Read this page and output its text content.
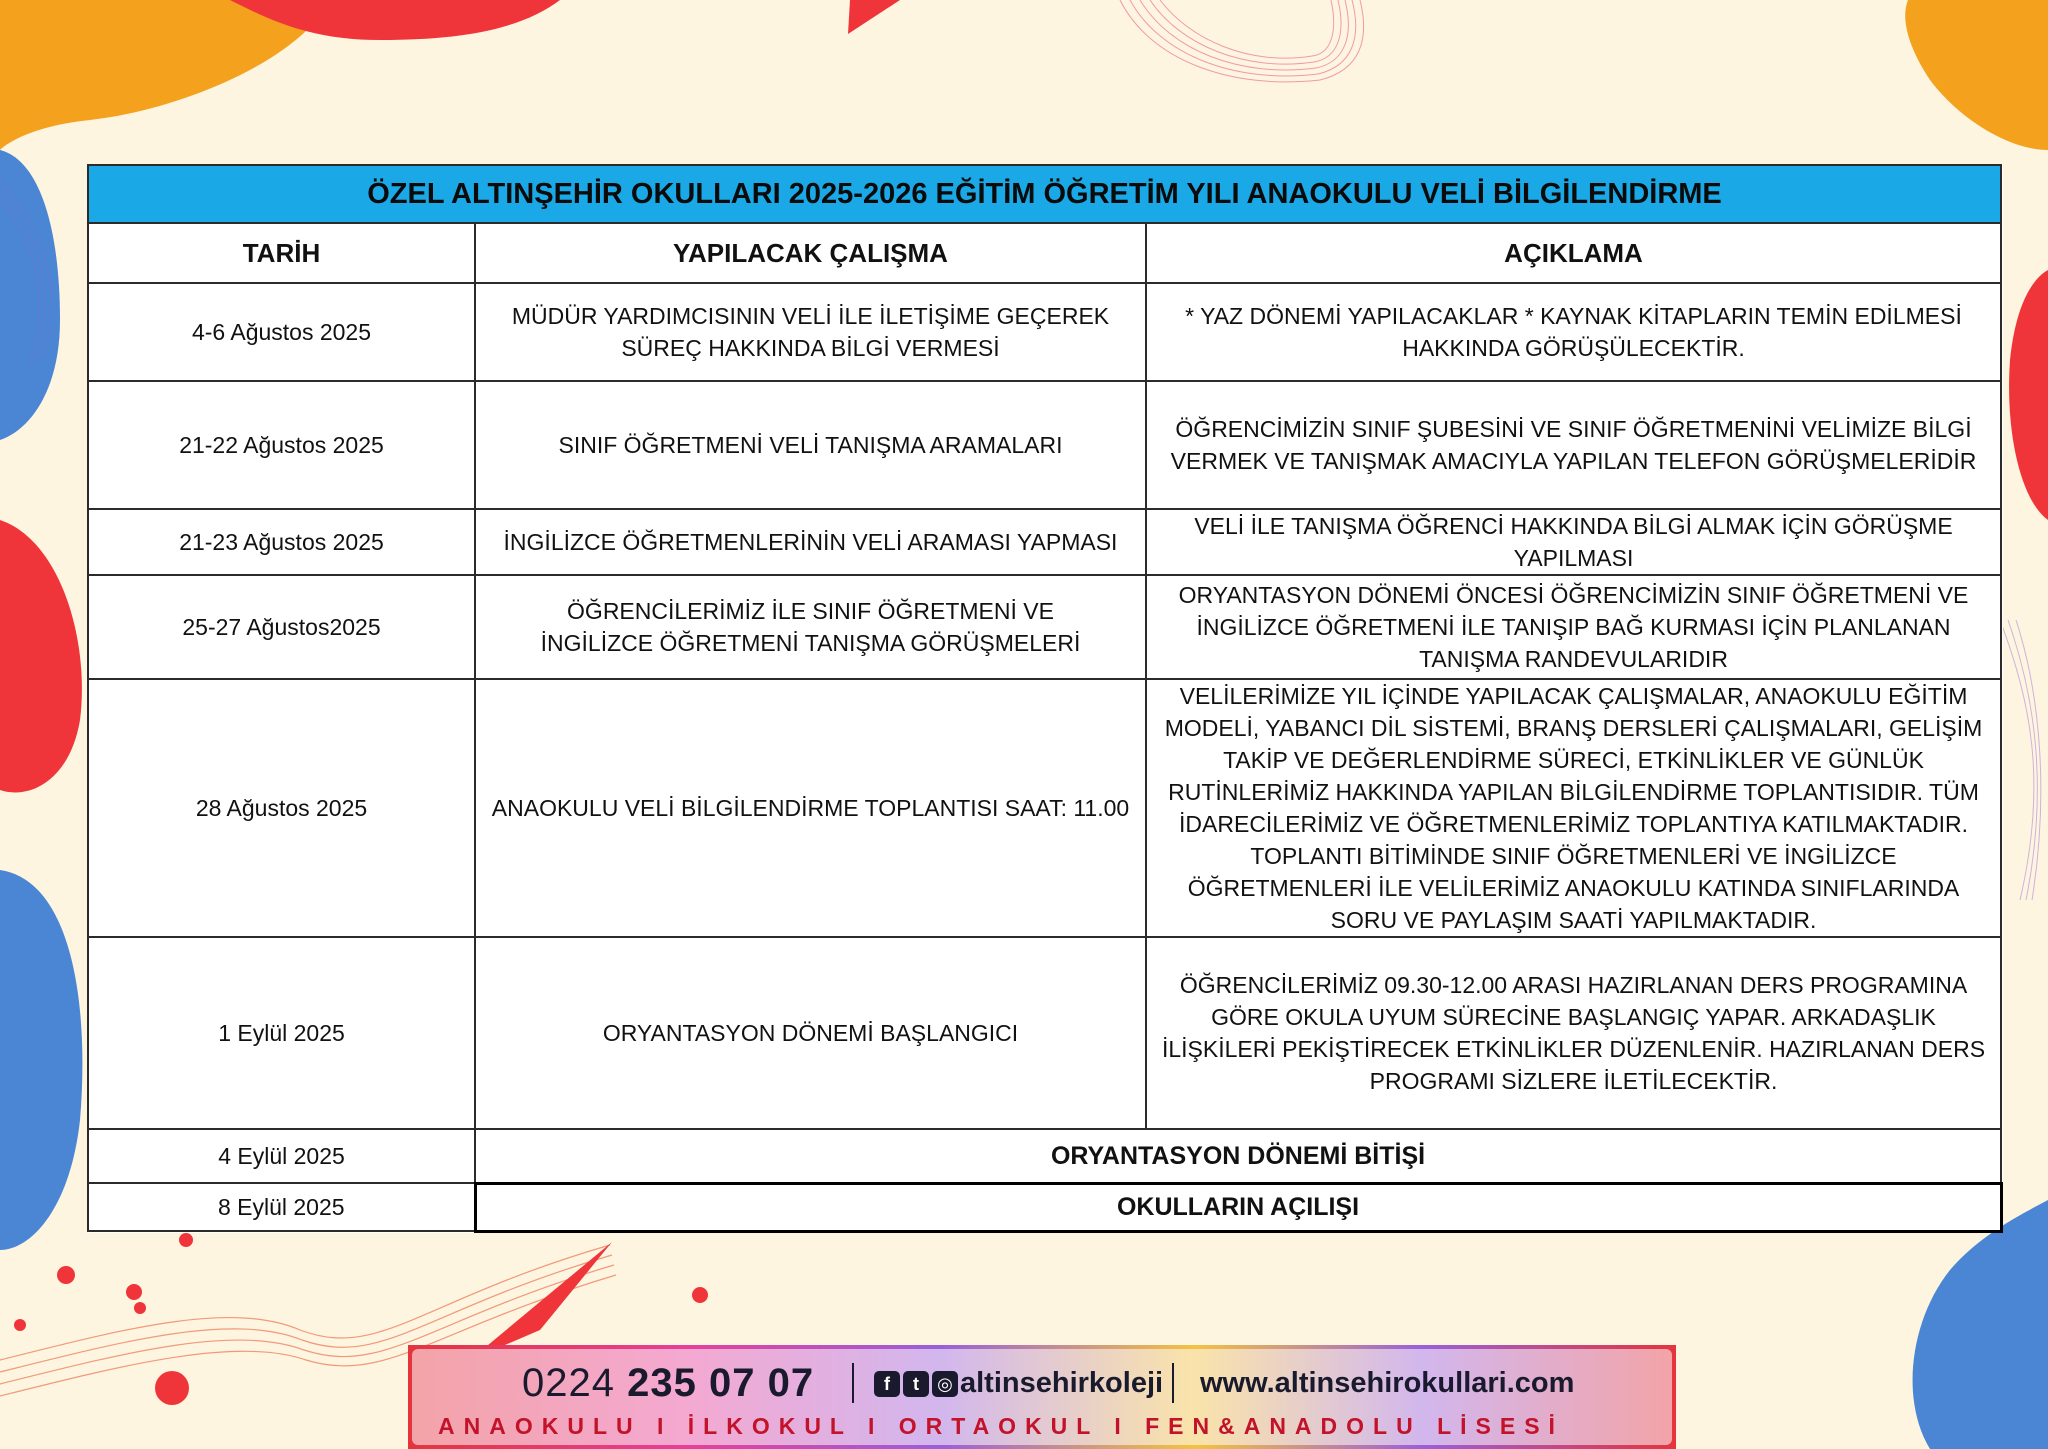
ÖZEL ALTINŞEHİR OKULLARI 2025-2026 EĞİTİM ÖĞRETİM YILI ANAOKULU VELİ BİLGİLENDİRME		
TARİH	YAPILACAK ÇALIŞMA	AÇIKLAMA
4-6 Ağustos 2025	MÜDÜR YARDIMCISININ VELİ İLE İLETİŞİME GEÇEREK SÜREÇ HAKKINDA BİLGİ VERMESİ	* YAZ DÖNEMİ YAPILACAKLAR * KAYNAK KİTAPLARIN TEMİN EDİLMESİ HAKKINDA GÖRÜŞÜLECEKTİR.
21-22 Ağustos 2025	SINIF ÖĞRETMENİ VELİ TANIŞMA ARAMALARI	ÖĞRENCİMİZİN SINIF ŞUBESİNİ VE SINIF ÖĞRETMENİNİ VELİMİZE BİLGİ VERMEK VE TANIŞMAK AMACIYLA YAPILAN TELEFON GÖRÜŞMELERİDİR
21-23 Ağustos 2025	İNGİLİZCE ÖĞRETMENLERİNİN VELİ ARAMASI YAPMASI	VELİ İLE TANIŞMA ÖĞRENCİ HAKKINDA BİLGİ ALMAK İÇİN GÖRÜŞME YAPILMASI
25-27 Ağustos2025	ÖĞRENCİLERİMİZ İLE SINIF ÖĞRETMENİ VE İNGİLİZCE ÖĞRETMENİ TANIŞMA GÖRÜŞMELERİ	ORYANTASYON DÖNEMİ ÖNCESİ ÖĞRENCİMİZİN SINIF ÖĞRETMENİ VE İNGİLİZCE ÖĞRETMENİ İLE TANIŞIP BAĞ KURMASI İÇİN PLANLANAN TANIŞMA RANDEVULARIDIR
28 Ağustos 2025	ANAOKULU VELİ BİLGİLENDİRME TOPLANTISI SAAT: 11.00	VELİLERİMİZE YIL İÇİNDE YAPILACAK ÇALIŞMALAR, ANAOKULU EĞİTİM MODELİ, YABANCI DİL SİSTEMİ, BRANŞ DERSLERİ ÇALIŞMALARI, GELİŞİM TAKİP VE DEĞERLENDİRME SÜRECİ, ETKİNLİKLER VE GÜNLÜK RUTİNLERİMİZ HAKKINDA YAPILAN BİLGİLENDİRME TOPLANTISIDIR. TÜM İDARECİLERİMİZ VE ÖĞRETMENLERİMİZ TOPLANTIYA KATILMAKTADIR. TOPLANTI BİTİMİNDE SINIF ÖĞRETMENLERİ VE İNGİLİZCE ÖĞRETMENLERİ İLE VELİLERİMİZ ANAOKULU KATINDA SINIFLARINDA SORU VE PAYLAŞIM SAATİ YAPILMAKTADIR.
1 Eylül 2025	ORYANTASYON DÖNEMİ BAŞLANGICI	ÖĞRENCİLERİMİZ 09.30-12.00 ARASI HAZIRLANAN DERS PROGRAMINA GÖRE OKULA UYUM SÜRECİNE BAŞLANGIÇ YAPAR. ARKADAŞLIK İLİŞKİLERİ PEKİŞTİRECEK ETKİNLİKLER DÜZENLENİR. HAZIRLANAN DERS PROGRAMI SİZLERE İLETİLECEKTİR.
4 Eylül 2025	ORYANTASYON DÖNEMİ BİTİŞİ	
8 Eylül 2025	OKULLARIN AÇILIŞI	
0224 235 07 07	f	t	◎ altinsehirkoleji www.altinsehirokullari.com
ANAOKULU I İLKOKUL I ORTAOKUL I FEN&ANADOLU LİSESİ
